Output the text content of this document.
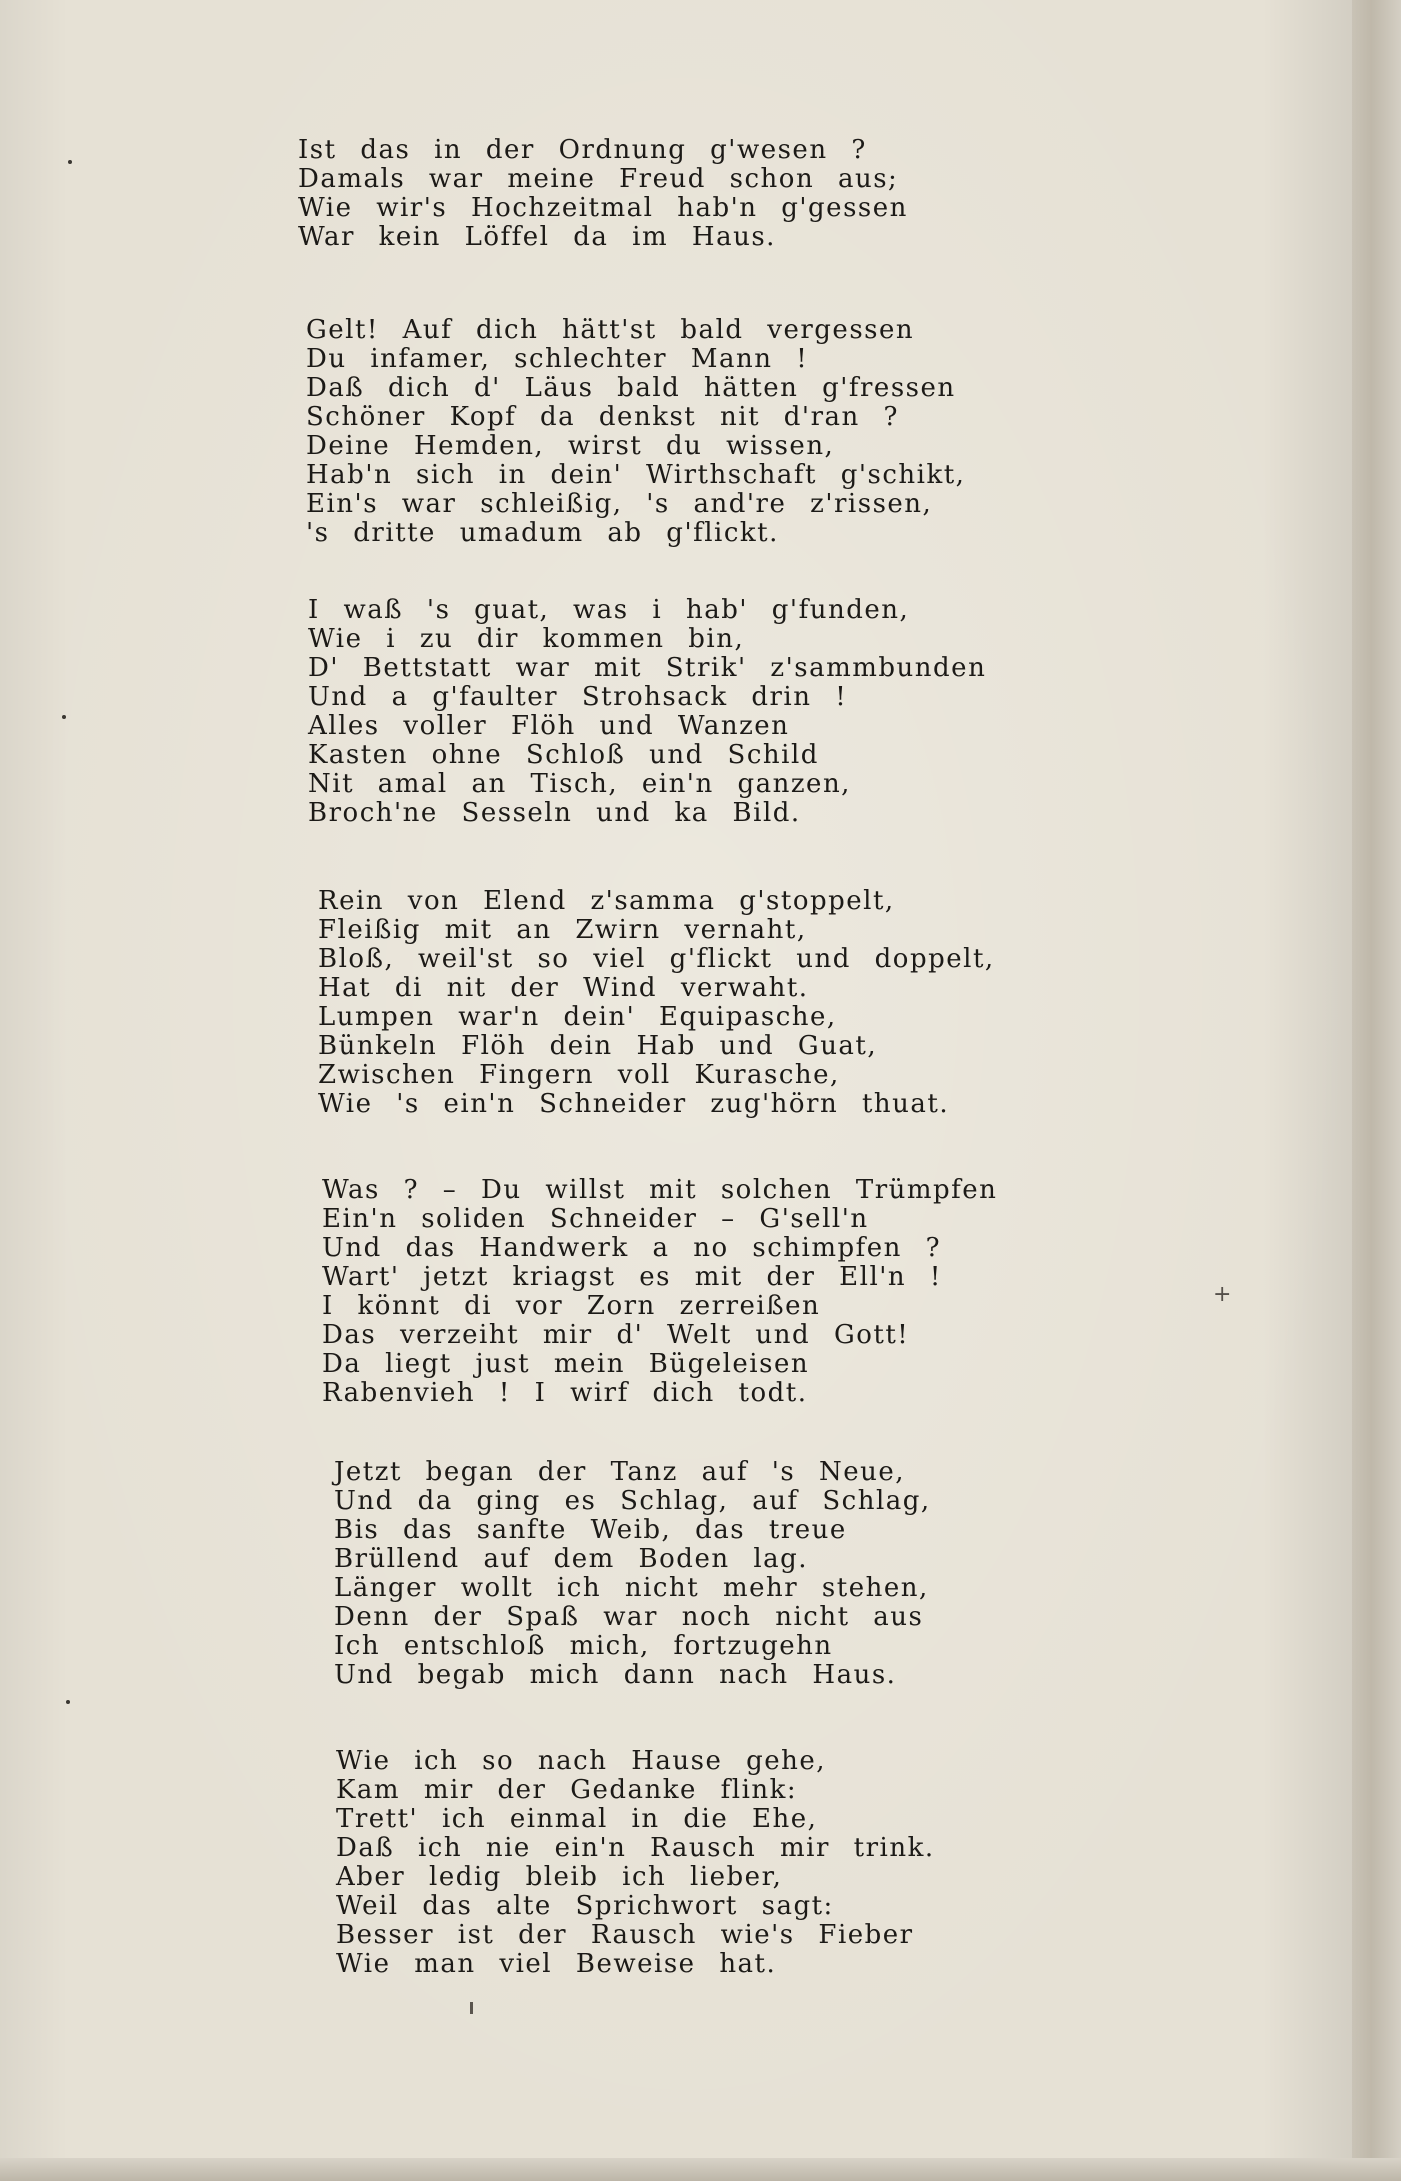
+
Ist das in der Ordnung g'wesen ?
Damals war meine Freud schon aus;
Wie wir's Hochzeitmal hab'n g'gessen
War kein Löffel da im Haus.
Gelt! Auf dich hätt'st bald vergessen
Du infamer, schlechter Mann !
Daß dich d' Läus bald hätten g'fressen
Schöner Kopf da denkst nit d'ran ?
Deine Hemden, wirst du wissen,
Hab'n sich in dein' Wirthschaft g'schikt,
Ein's war schleißig, 's and're z'rissen,
's dritte umadum ab g'flickt.
I waß 's guat, was i hab' g'funden,
Wie i zu dir kommen bin,
D' Bettstatt war mit Strik' z'sammbunden
Und a g'faulter Strohsack drin !
Alles voller Flöh und Wanzen
Kasten ohne Schloß und Schild
Nit amal an Tisch, ein'n ganzen,
Broch'ne Sesseln und ka Bild.
Rein von Elend z'samma g'stoppelt,
Fleißig mit an Zwirn vernaht,
Bloß, weil'st so viel g'flickt und doppelt,
Hat di nit der Wind verwaht.
Lumpen war'n dein' Equipasche,
Bünkeln Flöh dein Hab und Guat,
Zwischen Fingern voll Kurasche,
Wie 's ein'n Schneider zug'hörn thuat.
Was ? – Du willst mit solchen Trümpfen
Ein'n soliden Schneider – G'sell'n
Und das Handwerk a no schimpfen ?
Wart' jetzt kriagst es mit der Ell'n !
I könnt di vor Zorn zerreißen
Das verzeiht mir d' Welt und Gott!
Da liegt just mein Bügeleisen
Rabenvieh ! I wirf dich todt.
Jetzt began der Tanz auf 's Neue,
Und da ging es Schlag, auf Schlag,
Bis das sanfte Weib, das treue
Brüllend auf dem Boden lag.
Länger wollt ich nicht mehr stehen,
Denn der Spaß war noch nicht aus
Ich entschloß mich, fortzugehn
Und begab mich dann nach Haus.
Wie ich so nach Hause gehe,
Kam mir der Gedanke flink:
Trett' ich einmal in die Ehe,
Daß ich nie ein'n Rausch mir trink.
Aber ledig bleib ich lieber,
Weil das alte Sprichwort sagt:
Besser ist der Rausch wie's Fieber
Wie man viel Beweise hat.
